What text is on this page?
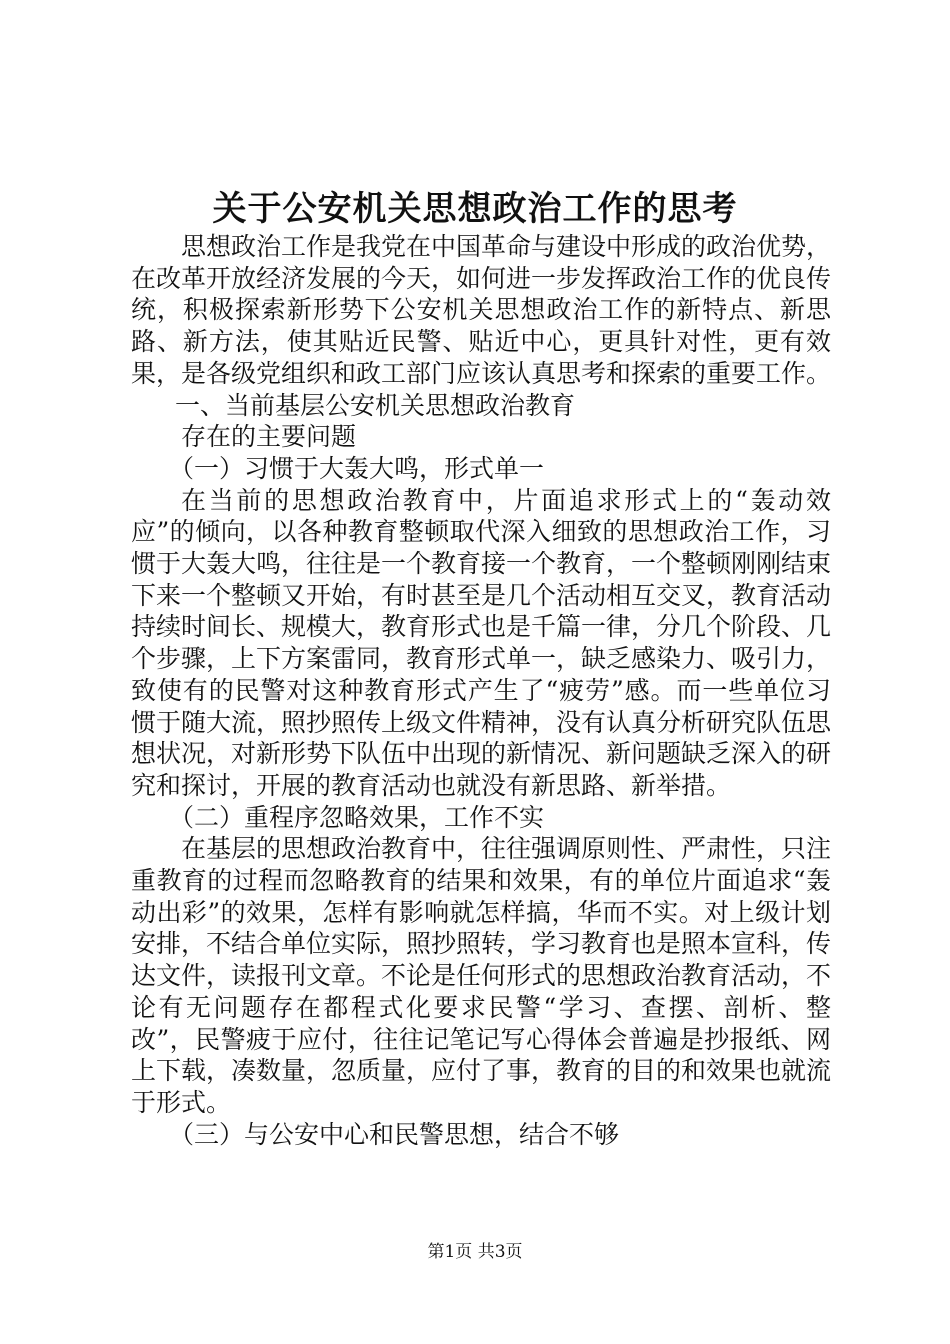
关于公安机关思想政治工作的思考

思想政治工作是我党在中国革命与建设中形成的政治优势，在改革开放经济发展的今天，如何进一步发挥政治工作的优良传统，积极探索新形势下公安机关思想政治工作的新特点、新思路、新方法，使其贴近民警、贴近中心，更具针对性，更有效果，是各级党组织和政工部门应该认真思考和探索的重要工作。

一、当前基层公安机关思想政治教育

存在的主要问题

（一）习惯于大轰大鸣，形式单一

在当前的思想政治教育中，片面追求形式上的“轰动效应”的倾向，以各种教育整顿取代深入细致的思想政治工作，习惯于大轰大鸣，往往是一个教育接一个教育，一个整顿刚刚结束下来一个整顿又开始，有时甚至是几个活动相互交叉，教育活动持续时间长、规模大，教育形式也是千篇一律，分几个阶段、几个步骤，上下方案雷同，教育形式单一，缺乏感染力、吸引力，致使有的民警对这种教育形式产生了“疲劳”感。而一些单位习惯于随大流，照抄照传上级文件精神，没有认真分析研究队伍思想状况，对新形势下队伍中出现的新情况、新问题缺乏深入的研究和探讨，开展的教育活动也就没有新思路、新举措。

（二）重程序忽略效果，工作不实

在基层的思想政治教育中，往往强调原则性、严肃性，只注重教育的过程而忽略教育的结果和效果，有的单位片面追求“轰动出彩”的效果，怎样有影响就怎样搞，华而不实。对上级计划安排，不结合单位实际，照抄照转，学习教育也是照本宣科，传达文件，读报刊文章。不论是任何形式的思想政治教育活动，不论有无问题存在都程式化要求民警“学习、查摆、剖析、整改”，民警疲于应付，往往记笔记写心得体会普遍是抄报纸、网上下载，凑数量，忽质量，应付了事，教育的目的和效果也就流于形式。

（三）与公安中心和民警思想，结合不够

第1页 共3页
